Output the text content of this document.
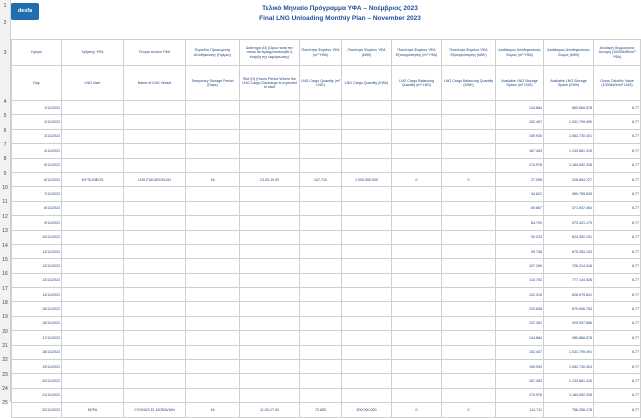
1
2
3
4
5
6
7
8
9
10
11
12
13
14
15
16
17
18
19
20
21
22
23
24
25
desfa	Τελικό Μηνιαίο Πρόγραμμα ΥΦΑ – Νοέμβριος 2023
Final LNG Unloading Monthly Plan – November 2023
Ημέρα	Χρήστης ΥΦΑ	Όνομα πλοίου ΥΦΑ	Περίοδος Προσωρινής Αποθήκευσης (Ημέρες)	Διάστημα (Ω) (Ωρών κατά την οποίο θα πραγματοποιηθεί η έναρξη της εκφόρτωσης)	Ποσότητα Φορτίου ΥΦΑ (m³ ΥΦΑ)	Ποσότητα Φορτίου ΥΦΑ (kWh)	Ποσότητα Φορτίου ΥΦΑ Εξισορρόπησης (m³ ΥΦΑ)	Ποσότητα Φορτίου ΥΦΑ Εξισορρόπησης (kWh)	Διαθέσιμος Αποθηκευτικός Χώρος (m³ ΥΦΑ)	Διαθέσιμος Αποθηκευτικός Χώρος (kWh)	Ανώτερη Θερμογόνος Δύναμη (10000kWh/m³ ΥΦΑ)
Day	LNG User	Name of LNG Vessel	Temporary Storage Period (Days)	Slot (H) (Hours Period Where the LNG Cargo Discharge is expected to start	LNG Cargo Quantity (m³ LNG)	LNG Cargo Quantity (KWh)	LNG Cargo Balancing Quantity (m³ LNG)	LNG Cargo Balancing Quantity (KWh)	Available LNG Storage Space (m³ LNG)	Available LNG Storage Space (KWh)	Gross Calorific Value (1000kWh/m³ LNG)
1/11/2023									144.884	860.669.578	6,77
2/11/2023									152.407	1.031.799.490	6,77
3/11/2023									159.930	1.082.730.401	6,77
4/11/2023									167.453	1.133.661.315	6,77
5/11/2023									174.976	1.184.592.228	6,77
6/11/2023	MYTILINEOS	LNG FUKUROKUJU	18	13.00-19.00	147.710	1.000.000.000	0	0	27.098	318.854.727	6,77
7/11/2023									34.621	369.785.639	6,77
8/11/2023									69.667	471.647.464	6,77
9/11/2023									84.700	573.421.179	6,77
10/11/2023									92.223	624.352.191	6,77
11/11/2023									99.746	675.283.103	6,77
12/11/2023									107.269	726.214.016	6,77
13/11/2023									114.792	777.144.928	6,77
14/11/2023									122.315	828.075.841	6,77
15/11/2023									129.838	879.006.753	6,77
16/11/2023									137.361	929.937.666	6,77
17/11/2023									144.884	980.868.578	6,77
18/11/2023									152.407	1.031.799.491	6,77
19/11/2023									159.930	1.082.730.403	6,77
20/11/2023									167.453	1.133.661.316	6,77
21/11/2023									174.976	1.184.592.228	6,77
22/11/2023	DEPA	CYGNUS EL MORAVIAN	18	11.00-17.00	73.855	500.000.000	0	0	111.711	756.256.178	6,77
